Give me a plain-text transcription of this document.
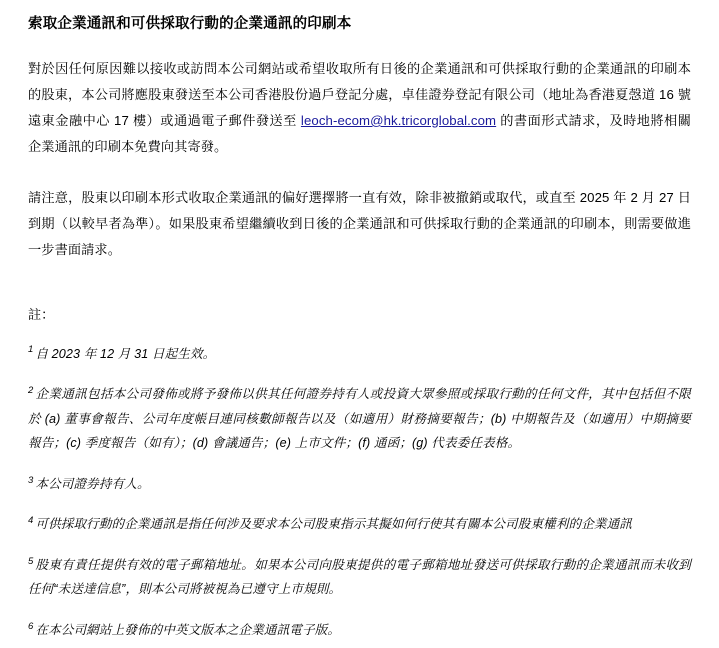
索取企業通訊和可供採取行動的企業通訊的印刷本

對於因任何原因難以接收或訪問本公司網站或希望收取所有日後的企業通訊和可供採取行動的企業通訊的印刷本的股東，本公司將應股東發送至本公司香港股份過戶登記分處，卓佳證券登記有限公司（地址為香港夏愨道 16 號遠東金融中心 17 樓）或通過電子郵件發送至 leoch-ecom@hk.tricorglobal.com 的書面形式請求，及時地將相關企業通訊的印刷本免費向其寄發。

請注意，股東以印刷本形式收取企業通訊的偏好選擇將一直有效，除非被撤銷或取代，或直至 2025 年 2 月 27 日到期（以較早者為準）。如果股東希望繼續收到日後的企業通訊和可供採取行動的企業通訊的印刷本，則需要做進一步書面請求。

註：

$^1$ 自 2023 年 12 月 31 日起生效。

$^2$ 企業通訊包括本公司發佈或將予發佈以供其任何證券持有人或投資大眾參照或採取行動的任何文件，其中包括但不限於 (a) 董事會報告、公司年度帳目連同核數師報告以及（如適用）財務摘要報告；(b) 中期報告及（如適用）中期摘要報告；(c) 季度報告（如有）；(d) 會議通告；(e) 上市文件；(f) 通函；(g) 代表委任表格。

$^3$ 本公司證券持有人。

$^4$ 可供採取行動的企業通訊是指任何涉及要求本公司股東指示其擬如何行使其有關本公司股東權利的企業通訊

$^5$ 股東有責任提供有效的電子郵箱地址。如果本公司向股東提供的電子郵箱地址發送可供採取行動的企業通訊而未收到任何“未送達信息”，則本公司將被視為已遵守上市規則。

$^6$ 在本公司網站上發佈的中英文版本之企業通訊電子版。
